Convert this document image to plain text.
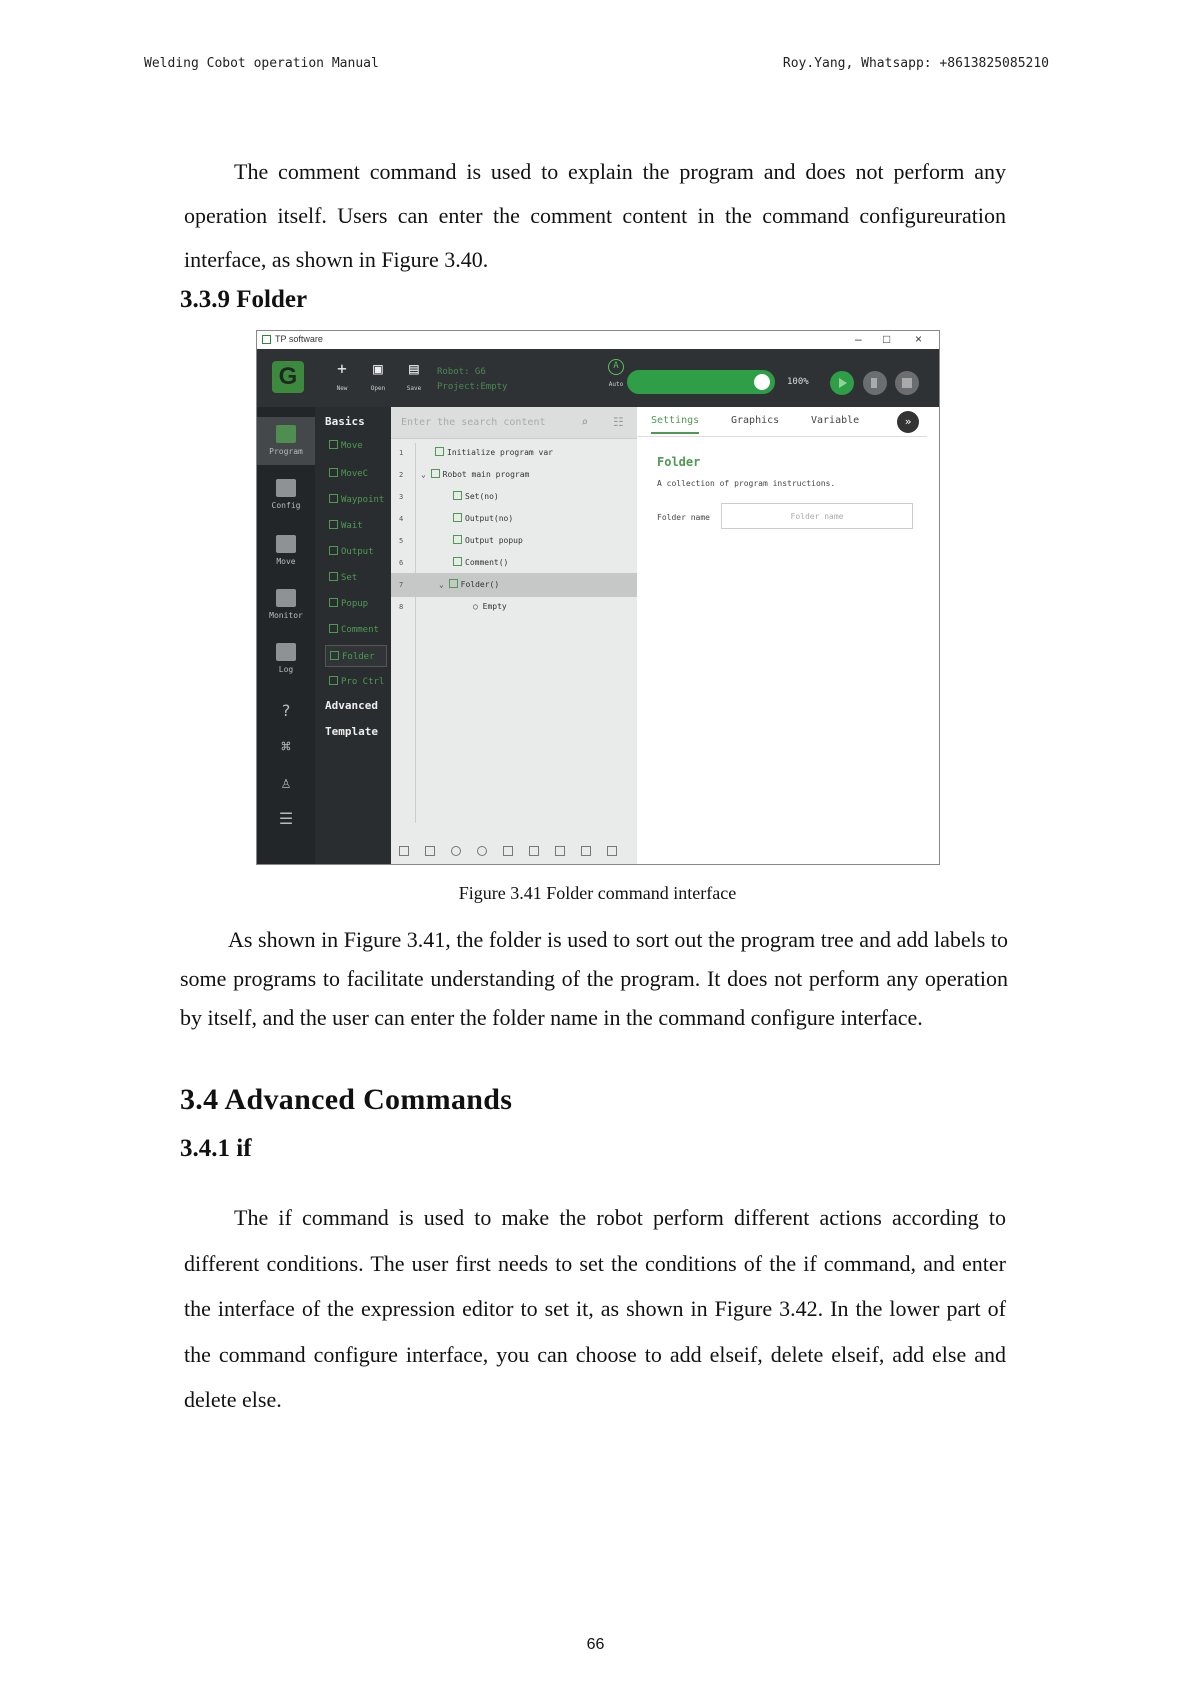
Welding Cobot operation Manual	Roy.Yang, Whatsapp: +8613825085210

The comment command is used to explain the program and does not perform any operation itself. Users can enter the comment content in the command configureuration interface, as shown in Figure 3.40.

3.3.9 Folder
TP software	– □ ×
G	+
New
▣
Open
▤
Save
Robot: G6
Project:Empty
A
Auto	100%
Program
Config
Move
Monitor
Log
?
⌘
♙
☰
Basics
Move
MoveC
Waypoint
Wait
Output
Set
Popup
Comment
Folder
Pro Ctrl
Advanced
Template
Enter the search content	⌕ ☷
1	Initialize program var
2	⌄ Robot main program
3	Set(no)
4	Output(no)
5	Output popup
6	Comment()
7	⌄ Folder()
8	○ Empty
Settings	Graphics	Variable	»
Folder
A collection of program instructions.
Folder name
Folder name
Figure 3.41 Folder command interface

As shown in Figure 3.41, the folder is used to sort out the program tree and add labels to some programs to facilitate understanding of the program. It does not perform any operation by itself, and the user can enter the folder name in the command configure interface.

3.4 Advanced Commands
3.4.1 if

The if command is used to make the robot perform different actions according to different conditions. The user first needs to set the conditions of the if command, and enter the interface of the expression editor to set it, as shown in Figure 3.42. In the lower part of the command configure interface, you can choose to add elseif, delete elseif, add else and delete else.

66
